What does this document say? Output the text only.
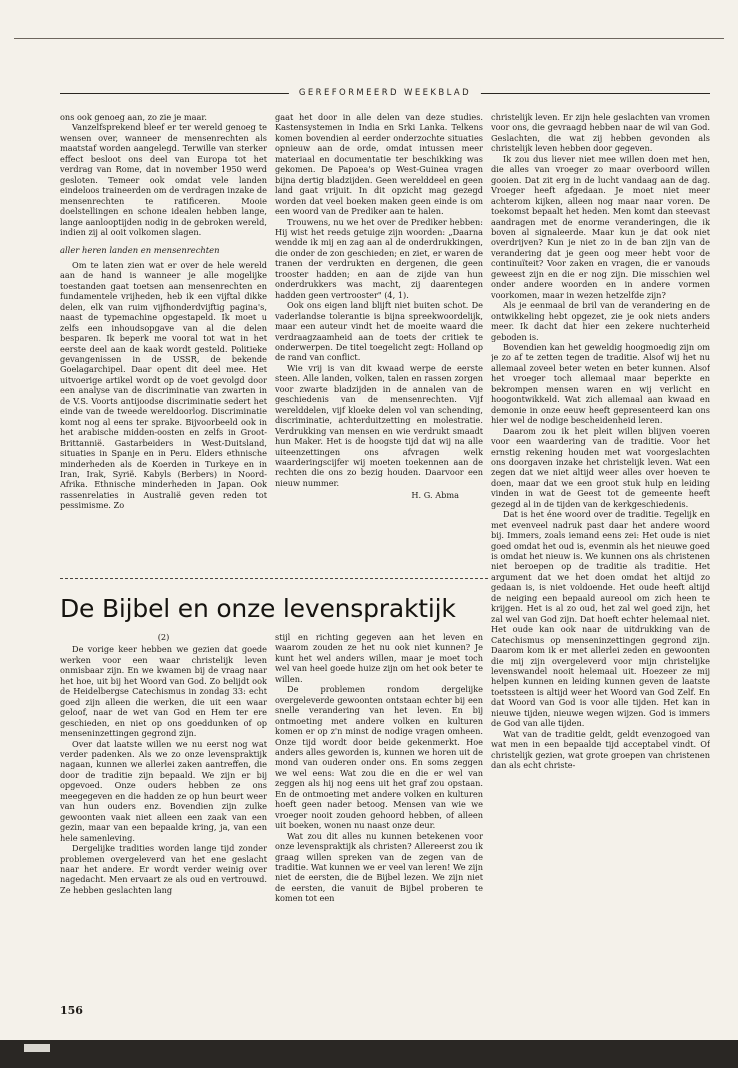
GEREFORMEERD WEEKBLAD

ons ook genoeg aan, zo zie je maar.

Vanzelfsprekend bleef er ter wereld genoeg te wensen over, wanneer de mensenrechten als maatstaf worden aangelegd. Terwille van sterker effect besloot ons deel van Europa tot het verdrag van Rome, dat in november 1950 werd gesloten. Temeer ook omdat vele landen eindeloos traineerden om de verdragen inzake de mensenrechten te ratificeren. Mooie doelstellingen en schone idealen hebben lange, lange aanlooptijden nodig in de gebroken wereld, indien zij al ooit volkomen slagen.

aller heren landen en mensenrechten

Om te laten zien wat er over de hele wereld aan de hand is wanneer je alle mogelijke toestanden gaat toetsen aan mensenrechten en fundamentele vrijheden, heb ik een vijftal dikke delen, elk van ruim vijfhonderdvijftig pagina's, naast de typemachine opgestapeld. Ik moet u zelfs een inhoudsopgave van al die delen besparen. Ik beperk me vooral tot wat in het eerste deel aan de kaak wordt gesteld. Politieke gevangenissen in de USSR, de bekende Goelagarchipel. Daar opent dit deel mee. Het uitvoerige artikel wordt op de voet gevolgd door een analyse van de discriminatie van zwarten in de V.S. Voorts antijoodse discriminatie sedert het einde van de tweede wereldoorlog. Discriminatie komt nog al eens ter sprake. Bijvoorbeeld ook in het arabische midden-oosten en zelfs in Groot-Brittannië. Gastarbeiders in West-Duitsland, situaties in Spanje en in Peru. Elders ethnische minderheden als de Koerden in Turkeye en in Iran, Irak, Syrië. Kabyls (Berbers) in Noord-Afrika. Ethnische minderheden in Japan. Ook rassenrelaties in Australië geven reden tot pessimisme. Zo

gaat het door in alle delen van deze studies. Kastensystemen in India en Srki Lanka. Telkens komen bovendien al eerder onderzochte situaties opnieuw aan de orde, omdat intussen meer materiaal en documentatie ter beschikking was gekomen. De Papoea's op West-Guinea vragen bijna dertig bladzijden. Geen werelddeel en geen land gaat vrijuit. In dit opzicht mag gezegd worden dat veel boeken maken geen einde is om een woord van de Prediker aan te halen.

Trouwens, nu we het over de Prediker hebben: Hij wist het reeds getuige zijn woorden: „Daarna wendde ik mij en zag aan al de onderdrukkingen, die onder de zon geschieden; en ziet, er waren de tranen der verdrukten en dergenen, die geen trooster hadden; en aan de zijde van hun onderdrukkers was macht, zij daarentegen hadden geen vertrooster" (4, 1).

Ook ons eigen land blijft niet buiten schot. De vaderlandse tolerantie is bijna spreekwoordelijk, maar een auteur vindt het de moeite waard die verdraagzaamheid aan de toets der critiek te onderwerpen. De titel toegelicht zegt: Holland op de rand van conflict.

Wie vrij is van dit kwaad werpe de eerste steen. Alle landen, volken, talen en rassen zorgen voor zwarte bladzijden in de annalen van de geschiedenis van de mensenrechten. Vijf werelddelen, vijf kloeke delen vol van schending, discriminatie, achterduitzetting en molestratie. Verdrukking van mensen en wie verdrukt smaadt hun Maker. Het is de hoogste tijd dat wij na alle uiteenzettingen ons afvragen welk waarderingscijfer wij moeten toekennen aan de rechten die ons zo bezig houden. Daarvoor een nieuw nummer.

H. G. Abma

De Bijbel en onze levenspraktijk

(2)

De vorige keer hebben we gezien dat goede werken voor een waar christelijk leven onmisbaar zijn. En we kwamen bij de vraag naar het hoe, uit bij het Woord van God. Zo belijdt ook de Heidelbergse Catechismus in zondag 33: echt goed zijn alleen die werken, die uit een waar geloof, naar de wet van God en Hem ter ere geschieden, en niet op ons goeddunken of op menseninzettingen gegrond zijn.

Over dat laatste willen we nu eerst nog wat verder padenken. Als we zo onze levenspraktijk nagaan, kunnen we allerlei zaken aantreffen, die door de traditie zijn bepaald. We zijn er bij opgevoed. Onze ouders hebben ze ons meegegeven en die hadden ze op hun beurt weer van hun ouders enz. Bovendien zijn zulke gewoonten vaak niet alleen een zaak van een gezin, maar van een bepaalde kring, ja, van een hele samenleving.

Dergelijke tradities worden lange tijd zonder problemen overgeleverd van het ene geslacht naar het andere. Er wordt verder weinig over nagedacht. Men ervaart ze als oud en vertrouwd. Ze hebben geslachten lang

stijl en richting gegeven aan het leven en waarom zouden ze het nu ook niet kunnen? Je kunt het wel anders willen, maar je moet toch wel van heel goede huize zijn om het ook beter te willen.

De problemen rondom dergelijke overgeleverde gewoonten ontstaan echter bij een snelle verandering van het leven. En bij ontmoeting met andere volken en kulturen komen er op z'n minst de nodige vragen omheen. Onze tijd wordt door beide gekenmerkt. Hoe anders alles geworden is, kunnen we horen uit de mond van ouderen onder ons. En soms zeggen we wel eens: Wat zou die en die er wel van zeggen als hij nog eens uit het graf zou opstaan. En de ontmoeting met andere volken en kulturen hoeft geen nader betoog. Mensen van wie we vroeger nooit zouden gehoord hebben, of alleen uit boeken, wonen nu naast onze deur.

Wat zou dit alles nu kunnen betekenen voor onze levenspraktijk als christen? Allereerst zou ik graag willen spreken van de zegen van de traditie. Wat kunnen we er veel van leren! We zijn niet de eersten, die de Bijbel lezen. We zijn niet de eersten, die vanuit de Bijbel proberen te komen tot een

christelijk leven. Er zijn hele geslachten van vromen voor ons, die gevraagd hebben naar de wil van God. Geslachten, die wat zij hebben gevonden als christelijk leven hebben door gegeven.

Ik zou dus liever niet mee willen doen met hen, die alles van vroeger zo maar overboord willen gooien. Dat zit erg in de lucht vandaag aan de dag. Vroeger heeft afgedaan. Je moet niet meer achterom kijken, alleen nog maar naar voren. De toekomst bepaalt het heden. Men komt dan steevast aandragen met de enorme veranderingen, die ik boven al signaleerde. Maar kun je dat ook niet overdrijven? Kun je niet zo in de ban zijn van de verandering dat je geen oog meer hebt voor de continuïteit? Voor zaken en vragen, die er vanouds geweest zijn en die er nog zijn. Die misschien wel onder andere woorden en in andere vormen voorkomen, maar in wezen hetzelfde zijn?

Als je eenmaal de bril van de verandering en de ontwikkeling hebt opgezet, zie je ook niets anders meer. Ik dacht dat hier een zekere nuchterheid geboden is.

Bovendien kan het geweldig hoogmoedig zijn om je zo af te zetten tegen de traditie. Alsof wij het nu allemaal zoveel beter weten en beter kunnen. Alsof het vroeger toch allemaal maar beperkte en bekrompen mensen waren en wij verlicht en hoogontwikkeld. Wat zich allemaal aan kwaad en demonie in onze eeuw heeft gepresenteerd kan ons hier wel de nodige bescheidenheid leren.

Daarom zou ik het pleit willen blijven voeren voor een waardering van de traditie. Voor het ernstig rekening houden met wat voorgeslachten ons doorgaven inzake het christelijk leven. Wat een zegen dat we niet altijd weer alles over hoeven te doen, maar dat we een groot stuk hulp en leiding vinden in wat de Geest tot de gemeente heeft gezegd al in de tijden van de kerkgeschiedenis.

Dat is het éne woord over de traditie. Tegelijk en met evenveel nadruk past daar het andere woord bij. Immers, zoals iemand eens zei: Het oude is niet goed omdat het oud is, evenmin als het nieuwe goed is omdat het nieuw is. We kunnen ons als christenen niet beroepen op de traditie als traditie. Het argument dat we het doen omdat het altijd zo gedaan is, is niet voldoende. Het oude heeft altijd de neiging een bepaald aureool om zich heen te krijgen. Het is al zo oud, het zal wel goed zijn, het zal wel van God zijn. Dat hoeft echter helemaal niet. Het oude kan ook naar de uitdrukking van de Catechismus op menseninzettingen gegrond zijn. Daarom kom ik er met allerlei zeden en gewoonten die mij zijn overgeleverd voor mijn christelijke levenswandel nooit helemaal uit. Hoezeer ze mij helpen kunnen en leiding kunnen geven de laatste toetssteen is altijd weer het Woord van God Zelf. En dat Woord van God is voor alle tijden. Het kan in nieuwe tijden, nieuwe wegen wijzen. God is immers de God van alle tijden.

Wat van de traditie geldt, geldt evenzogoed van wat men in een bepaalde tijd acceptabel vindt. Of christelijk gezien, wat grote groepen van christenen dan als echt christe-

156
